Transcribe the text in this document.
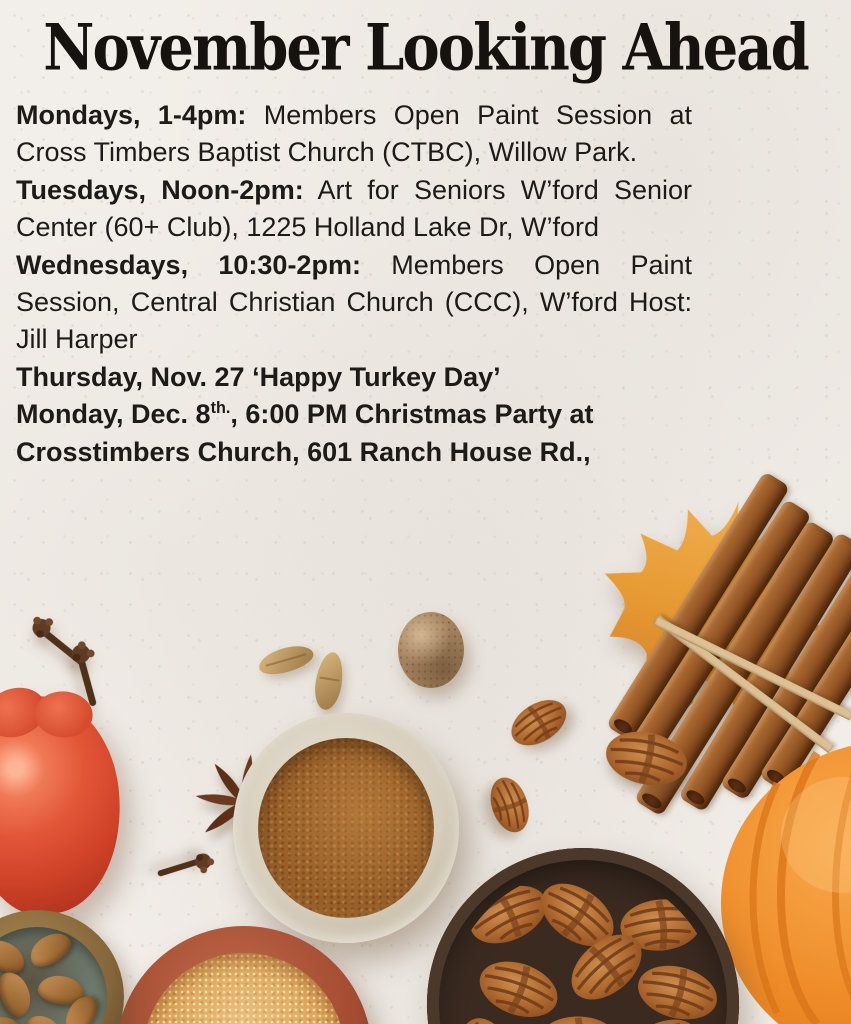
November Looking Ahead

Mondays, 1-4pm: Members Open Paint Session at Cross Timbers Baptist Church (CTBC), Willow Park.

Tuesdays, Noon-2pm: Art for Seniors W’ford Senior Center (60+ Club), 1225 Holland Lake Dr, W’ford

Wednesdays, 10:30-2pm: Members Open Paint Session, Central Christian Church (CCC), W’ford Host: Jill Harper

Thursday, Nov. 27 ‘Happy Turkey Day’

Monday, Dec. $8^{th.}$, 6:00 PM Christmas Party at Crosstimbers Church, 601 Ranch House Rd.,
